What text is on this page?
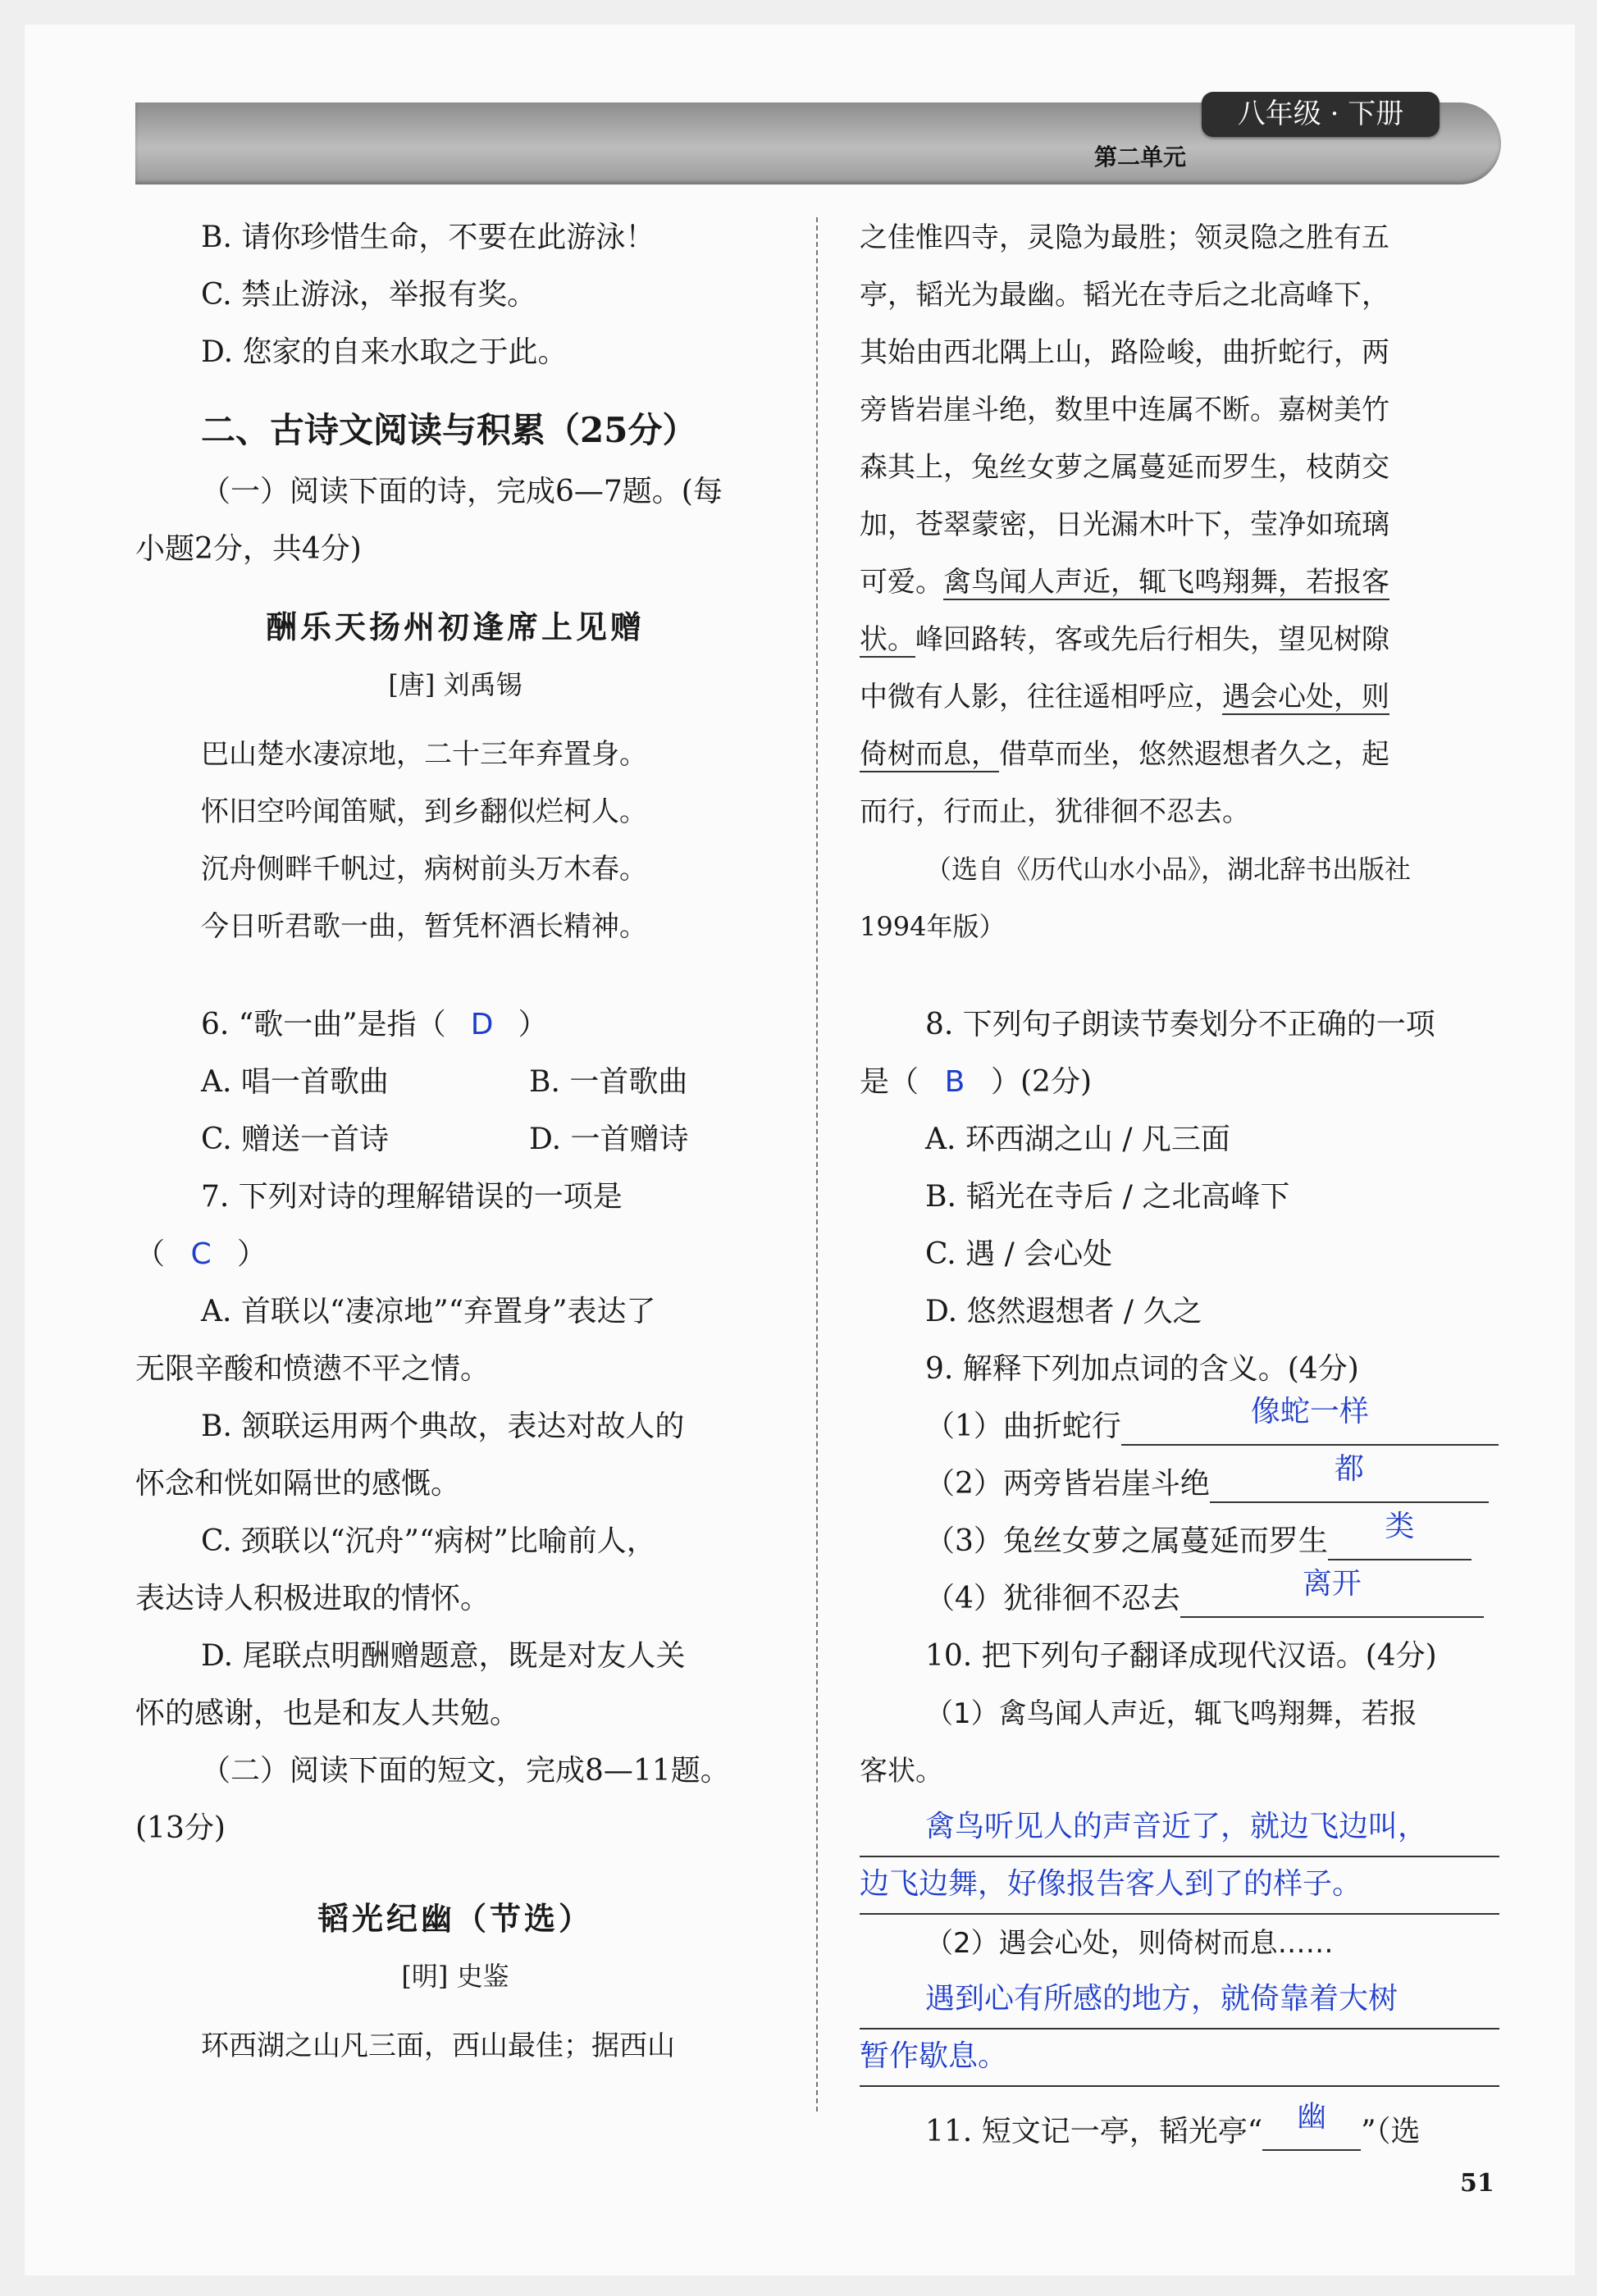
八年级 · 下册
第二单元
B. 请你珍惜生命，不要在此游泳！
C. 禁止游泳，举报有奖。
D. 您家的自来水取之于此。
二、古诗文阅读与积累（25分）
（一）阅读下面的诗，完成6—7题。(每
小题2分，共4分)
酬乐天扬州初逢席上见赠
[唐] 刘禹锡
巴山楚水凄凉地，二十三年弃置身。
怀旧空吟闻笛赋，到乡翻似烂柯人。
沉舟侧畔千帆过，病树前头万木春。
今日听君歌一曲，暂凭杯酒长精神。
6. “歌一曲”是指（ D ）
A. 唱一首歌曲	B. 一首歌曲
C. 赠送一首诗	D. 一首赠诗
7. 下列对诗的理解错误的一项是
（ C ）
A. 首联以“凄凉地”“弃置身”表达了
无限辛酸和愤懑不平之情。
B. 颔联运用两个典故，表达对故人的
怀念和恍如隔世的感慨。
C. 颈联以“沉舟”“病树”比喻前人，
表达诗人积极进取的情怀。
D. 尾联点明酬赠题意，既是对友人关
怀的感谢，也是和友人共勉。
（二）阅读下面的短文，完成8—11题。
(13分)
韬光纪幽（节选）
[明] 史鉴
环西湖之山凡三面，西山最佳；据西山
之佳惟四寺，灵隐为最胜；领灵隐之胜有五
亭，韬光为最幽。韬光在寺后之北高峰下，
其始由西北隅上山，路险峻，曲折蛇行，两
旁皆岩崖斗绝，数里中连属不断。嘉树美竹
森其上，兔丝女萝之属蔓延而罗生，枝荫交
加，苍翠蒙密，日光漏木叶下，莹净如琉璃
可爱。禽鸟闻人声近，辄飞鸣翔舞，若报客
状。峰回路转，客或先后行相失，望见树隙
中微有人影，往往遥相呼应，遇会心处，则
倚树而息，借草而坐，悠然遐想者久之，起
而行，行而止，犹徘徊不忍去。
（选自《历代山水小品》，湖北辞书出版社
1994年版）
8. 下列句子朗读节奏划分不正确的一项
是（ B ）(2分)
A. 环西湖之山 / 凡三面
B. 韬光在寺后 / 之北高峰下
C. 遇 / 会心处
D. 悠然遐想者 / 久之
9. 解释下列加点词的含义。(4分)
（1）曲折蛇行	像蛇一样
（2）两旁皆岩崖斗绝	都
（3）兔丝女萝之属蔓延而罗生 类
（4）犹徘徊不忍去	离开
10. 把下列句子翻译成现代汉语。(4分)
（1）禽鸟闻人声近，辄飞鸣翔舞，若报
客状。
禽鸟听见人的声音近了，就边飞边叫，
边飞边舞，好像报告客人到了的样子。
（2）遇会心处，则倚树而息……
遇到心有所感的地方，就倚靠着大树
暂作歇息。
11. 短文记一亭，韬光亭“ 幽 ”（选
51
